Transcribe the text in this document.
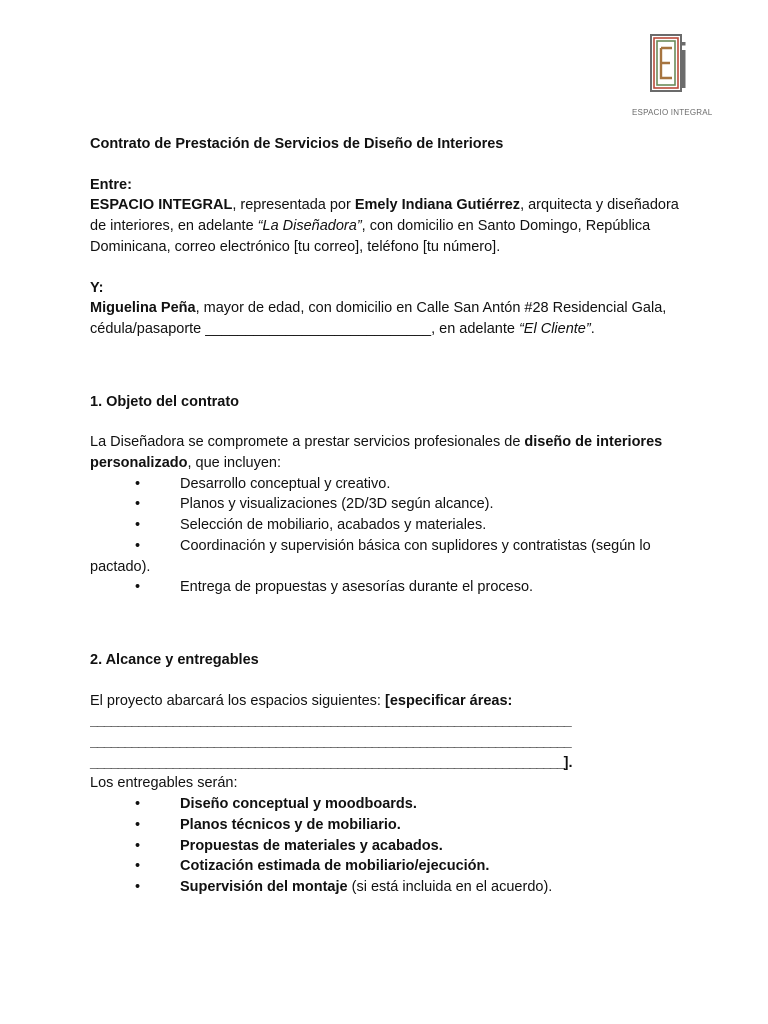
ESPACIO INTEGRAL

Contrato de Prestación de Servicios de Diseño de Interiores

Entre:

ESPACIO INTEGRAL, representada por Emely Indiana Gutiérrez, arquitecta y diseñadora de interiores, en adelante “La Diseñadora”, con domicilio en Santo Domingo, República Dominicana, correo electrónico [tu correo], teléfono [tu número].

Y:

Miguelina Peña, mayor de edad, con domicilio en Calle San Antón #28 Residencial Gala, cédula/pasaporte ____________________________, en adelante “El Cliente”.

1. Objeto del contrato

La Diseñadora se compromete a prestar servicios profesionales de diseño de interiores personalizado, que incluyen:

•	Desarrollo conceptual y creativo.
•	Planos y visualizaciones (2D/3D según alcance).
•	Selección de mobiliario, acabados y materiales.
•	Coordinación y supervisión básica con suplidores y contratistas (según lo pactado).
•	Entrega de propuestas y asesorías durante el proceso.

2. Alcance y entregables

El proyecto abarcará los espacios siguientes: [especificar áreas:

______________________________________________________________________
______________________________________________________________________
_____________________________________________________________________].

Los entregables serán:

•	Diseño conceptual y moodboards.
•	Planos técnicos y de mobiliario.
•	Propuestas de materiales y acabados.
•	Cotización estimada de mobiliario/ejecución.
•	Supervisión del montaje (si está incluida en el acuerdo).
